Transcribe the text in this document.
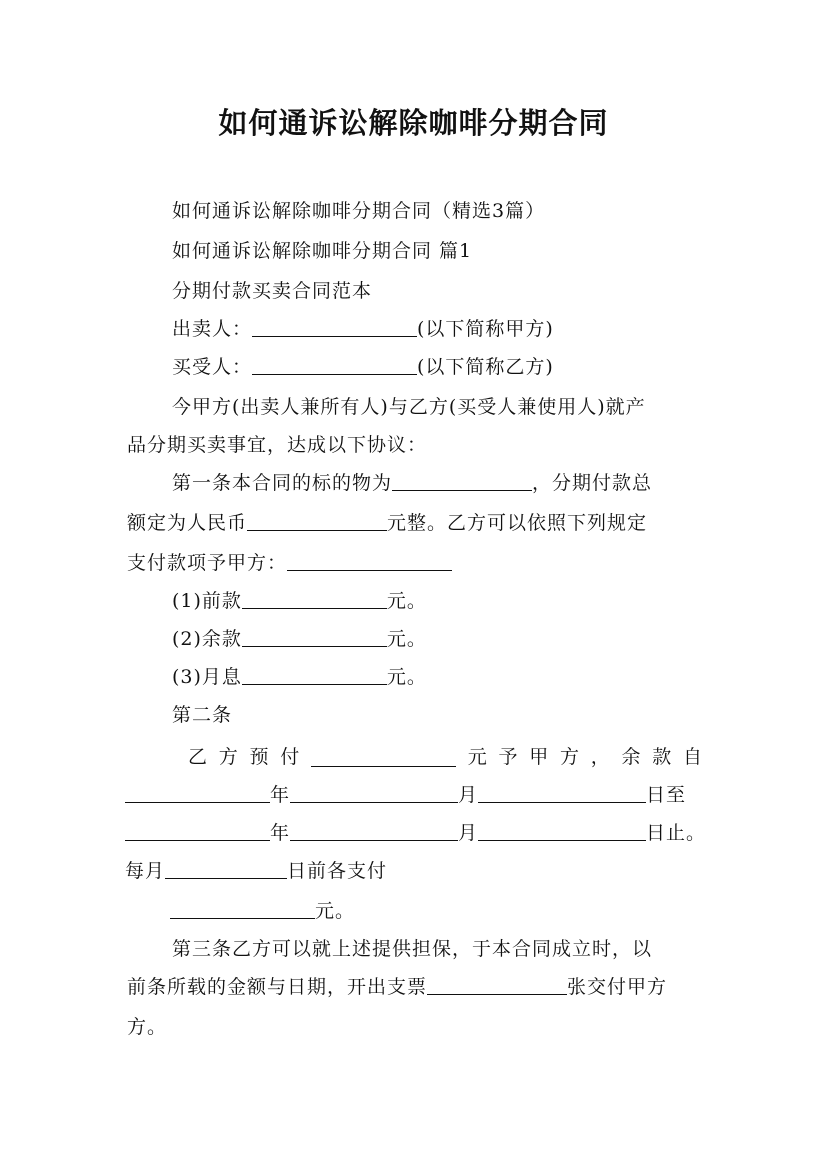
如何通诉讼解除咖啡分期合同
如何通诉讼解除咖啡分期合同（精选3篇）
如何通诉讼解除咖啡分期合同 篇1
分期付款买卖合同范本
出卖人：	(以下简称甲方)
买受人：	(以下简称乙方)
今甲方(出卖人兼所有人)与乙方(买受人兼使用人)就产
品分期买卖事宜，达成以下协议：
第一条本合同的标的物为	，分期付款总
额定为人民币	元整。乙方可以依照下列规定
支付款项予甲方：
(1)前款	元。
(2)余款	元。
(3)月息	元。
第二条
乙 方 预 付	元 予 甲 方 ， 余 款 自
年	月	日至
年	月	日止。
每月	日前各支付
元。
第三条乙方可以就上述提供担保，于本合同成立时，以
前条所载的金额与日期，开出支票	张交付甲方
方。
